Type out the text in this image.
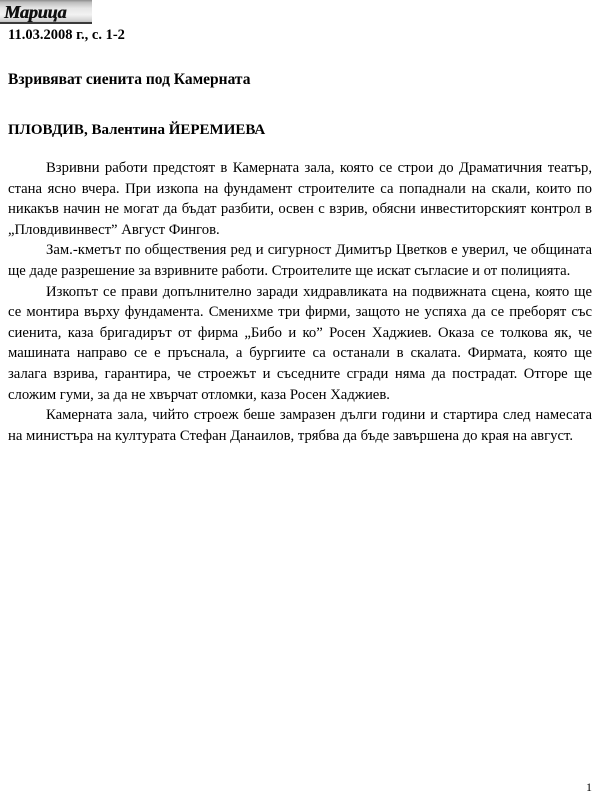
Марица
11.03.2008 г., с. 1-2
Взривяват сиенита под Камерната
ПЛОВДИВ, Валентина ЙЕРЕМИЕВА

Взривни работи предстоят в Камерната зала, която се строи до Драматичния театър, стана ясно вчера. При изкопа на фундамент строителите са попаднали на скали, които по никакъв начин не могат да бъдат разбити, освен с взрив, обясни инвеститорският контрол в „Пловдивинвест” Август Фингов.

Зам.-кметът по обществения ред и сигурност Димитър Цветков е уверил, че общината ще даде разрешение за взривните работи. Строителите ще искат съгласие и от полицията.

Изкопът се прави допълнително заради хидравликата на подвижната сцена, която ще се монтира върху фундамента. Сменихме три фирми, защото не успяха да се преборят със сиенита, каза бригадирът от фирма „Бибо и ко” Росен Хаджиев. Оказа се толкова як, че машината направо се е пръснала, а бургиите са останали в скалата. Фирмата, която ще залага взрива, гарантира, че строежът и съседните сгради няма да пострадат. Отгоре ще сложим гуми, за да не хвърчат отломки, каза Росен Хаджиев.

Камерната зала, чийто строеж беше замразен дълги години и стартира след намесата на министъра на културата Стефан Данаилов, трябва да бъде завършена до края на август.

1
